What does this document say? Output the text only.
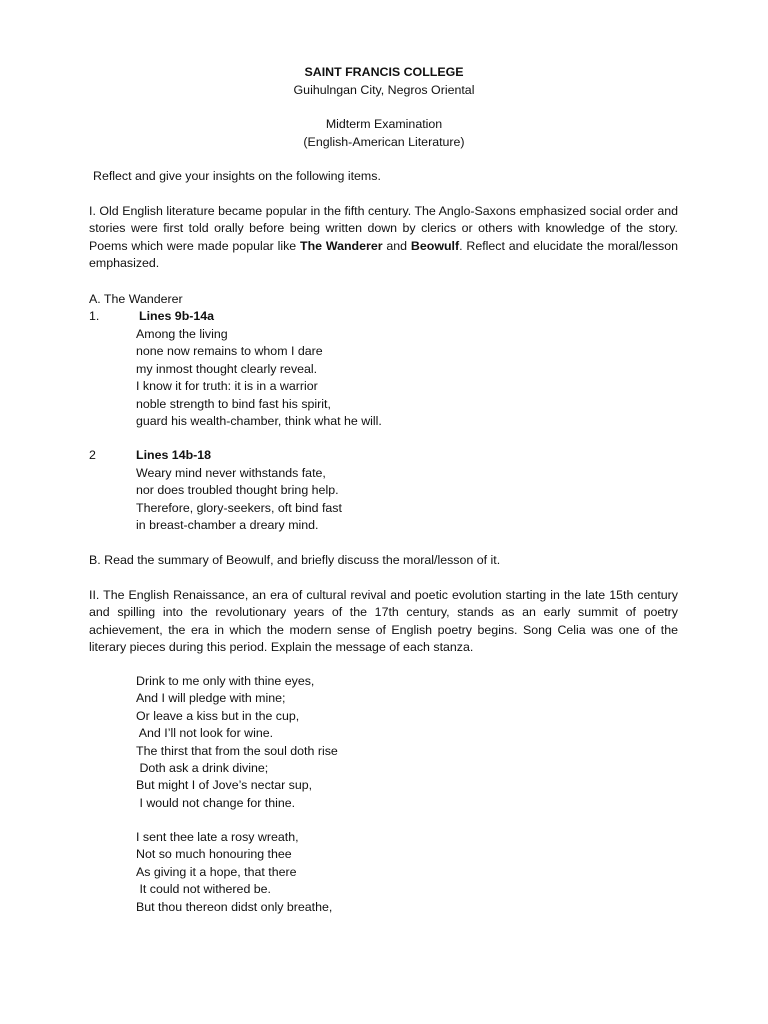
SAINT FRANCIS COLLEGE
Guihulngan City, Negros Oriental
Midterm Examination
(English-American Literature)
Reflect and give your insights on the following items.
I. Old English literature became popular in the fifth century. The Anglo-Saxons emphasized social order and stories were first told orally before being written down by clerics or others with knowledge of the story. Poems which were made popular like The Wanderer and Beowulf. Reflect and elucidate the moral/lesson emphasized.
A. The Wanderer
1.	Lines 9b-14a
Among the living
none now remains to whom I dare
my inmost thought clearly reveal.
I know it for truth: it is in a warrior
noble strength to bind fast his spirit,
guard his wealth-chamber, think what he will.
2	Lines 14b-18
Weary mind never withstands fate,
nor does troubled thought bring help.
Therefore, glory-seekers, oft bind fast
in breast-chamber a dreary mind.
B. Read the summary of Beowulf, and briefly discuss the moral/lesson of it.
II. The English Renaissance, an era of cultural revival and poetic evolution starting in the late 15th century and spilling into the revolutionary years of the 17th century, stands as an early summit of poetry achievement, the era in which the modern sense of English poetry begins. Song Celia was one of the literary pieces during this period. Explain the message of each stanza.
Drink to me only with thine eyes,
And I will pledge with mine;
Or leave a kiss but in the cup,
And I’ll not look for wine.
The thirst that from the soul doth rise
Doth ask a drink divine;
But might I of Jove’s nectar sup,
I would not change for thine.
I sent thee late a rosy wreath,
Not so much honouring thee
As giving it a hope, that there
It could not withered be.
But thou thereon didst only breathe,
